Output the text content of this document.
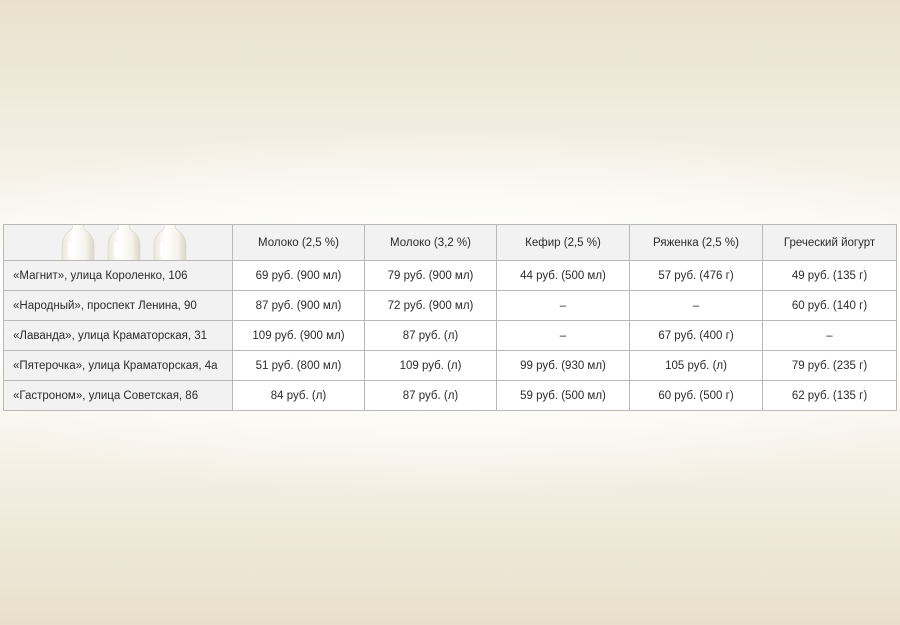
	Молоко (2,5 %)	Молоко (3,2 %)	Кефир (2,5 %)	Ряженка (2,5 %)	Греческий йогурт
«Магнит», улица Короленко, 106	69 руб. (900 мл)	79 руб. (900 мл)	44 руб. (500 мл)	57 руб. (476 г)	49 руб. (135 г)
«Народный», проспект Ленина, 90	87 руб. (900 мл)	72 руб. (900 мл)	–	–	60 руб. (140 г)
«Лаванда», улица Краматорская, 31	109 руб. (900 мл)	87 руб. (л)	–	67 руб. (400 г)	–
«Пятерочка», улица Краматорская, 4а	51 руб. (800 мл)	109 руб. (л)	99 руб. (930 мл)	105 руб. (л)	79 руб. (235 г)
«Гастроном», улица Советская, 86	84 руб. (л)	87 руб. (л)	59 руб. (500 мл)	60 руб. (500 г)	62 руб. (135 г)
